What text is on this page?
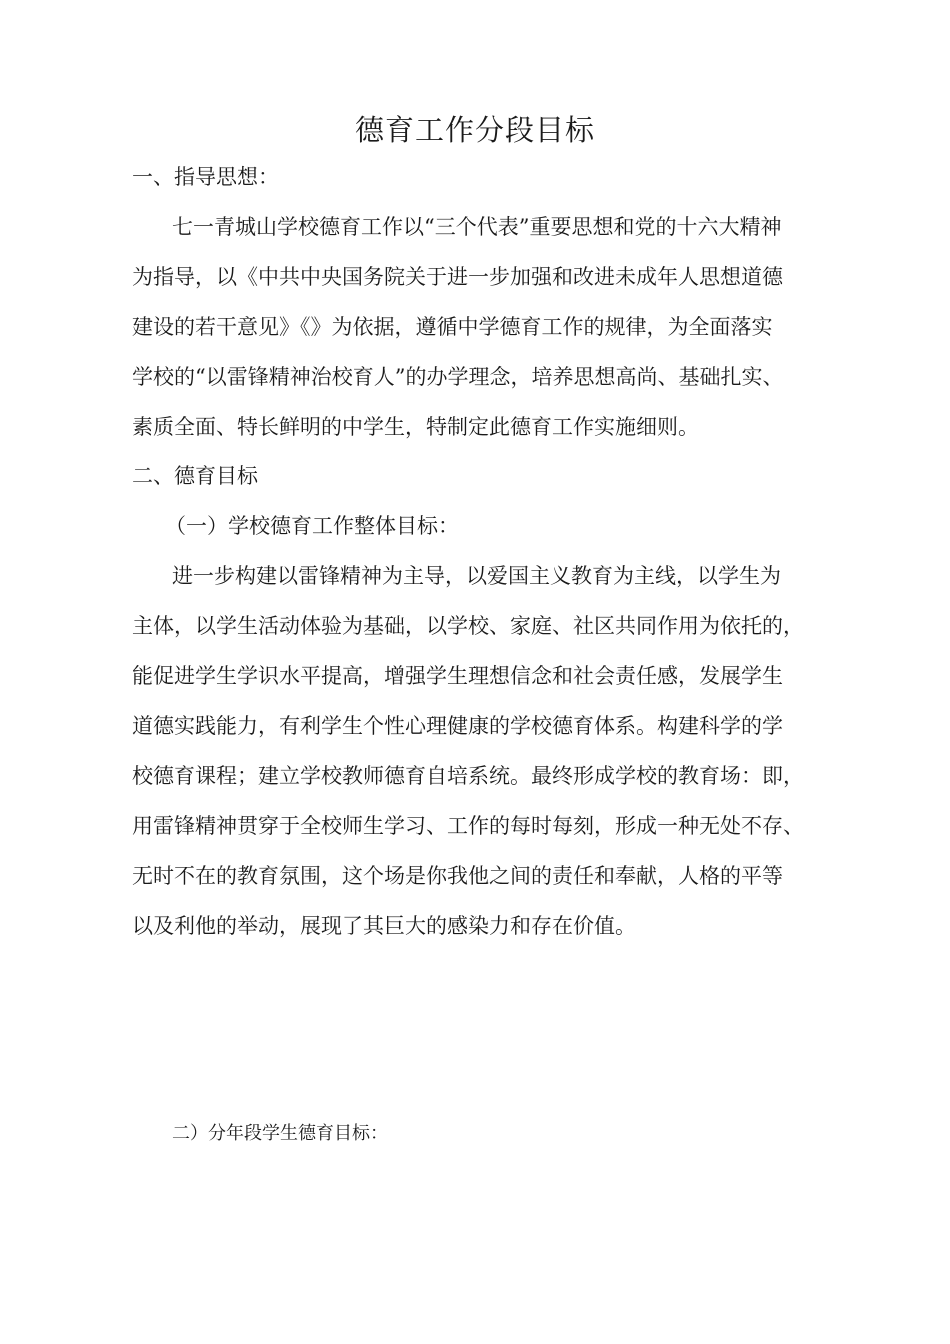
德育工作分段目标
一、指导思想：
七一青城山学校德育工作以“三个代表”重要思想和党的十六大精神
为指导，以《中共中央国务院关于进一步加强和改进未成年人思想道德
建设的若干意见》《》为依据，遵循中学德育工作的规律，为全面落实
学校的“以雷锋精神治校育人”的办学理念，培养思想高尚、基础扎实、
素质全面、特长鲜明的中学生，特制定此德育工作实施细则。
二、德育目标
（一）学校德育工作整体目标：
进一步构建以雷锋精神为主导，以爱国主义教育为主线，以学生为
主体，以学生活动体验为基础，以学校、家庭、社区共同作用为依托的，
能促进学生学识水平提高，增强学生理想信念和社会责任感，发展学生
道德实践能力，有利学生个性心理健康的学校德育体系。构建科学的学
校德育课程；建立学校教师德育自培系统。最终形成学校的教育场：即，
用雷锋精神贯穿于全校师生学习、工作的每时每刻，形成一种无处不存、
无时不在的教育氛围，这个场是你我他之间的责任和奉献，人格的平等
以及利他的举动，展现了其巨大的感染力和存在价值。
二）分年段学生德育目标：
